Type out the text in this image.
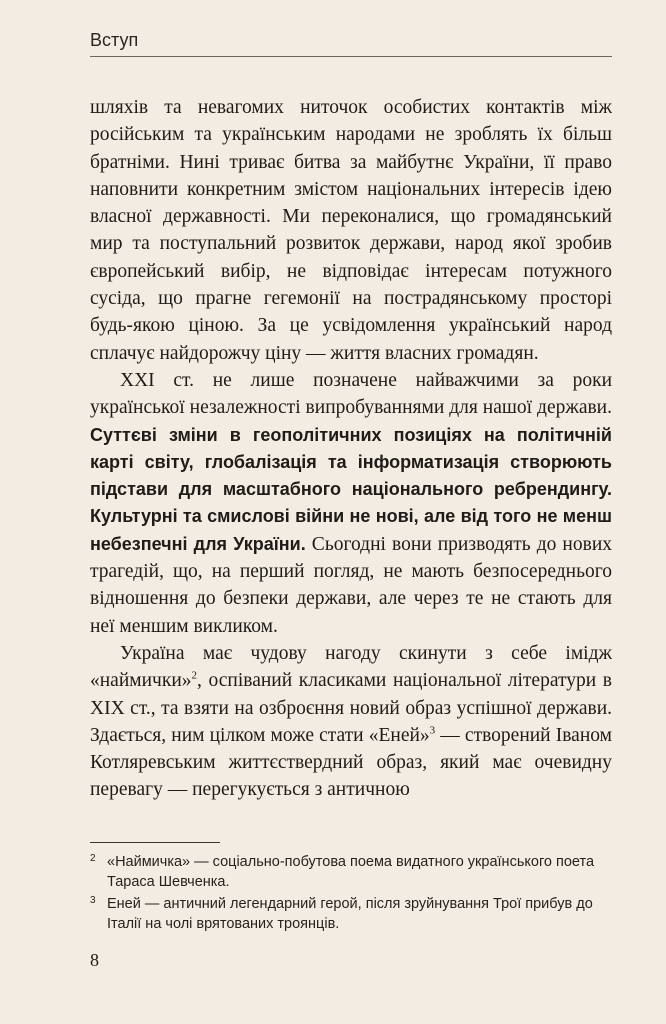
Вступ

шляхів та невагомих ниточок особистих контактів між російським та українським народами не зроблять їх більш братніми. Нині триває битва за майбутнє України, її право наповнити конкретним змістом національних інтересів ідею власної державності. Ми переконалися, що громадянський мир та поступальний розвиток держави, народ якої зробив європейський вибір, не відповідає інтересам потужного сусіда, що прагне гегемонії на пострадянському просторі будь-якою ціною. За це усвідомлення український народ сплачує найдорожчу ціну — життя власних громадян.

ХХІ ст. не лише позначене найважчими за роки української незалежності випробуваннями для нашої держави. Суттєві зміни в геополітичних позиціях на політичній карті світу, глобалізація та інформатизація створюють підстави для масштабного національного ребрендингу. Культурні та смислові війни не нові, але від того не менш небезпечні для України. Сьогодні вони призводять до нових трагедій, що, на перший погляд, не мають безпосереднього відношення до безпеки держави, але через те не стають для неї меншим викликом.

Україна має чудову нагоду скинути з себе імідж «наймички»$^2$, оспіваний класиками національної літератури в ХІХ ст., та взяти на озброєння новий образ успішної держави. Здається, ним цілком може стати «Еней»$^3$ — створений Іваном Котляревським життєствердний образ, який має очевидну перевагу — перегукується з античною

2 «Наймичка» — соціально-побутова поема видатного українського поета Тараса Шевченка.
3 Еней — античний легендарний герой, після зруйнування Трої прибув до Італії на чолі врятованих троянців.
8
